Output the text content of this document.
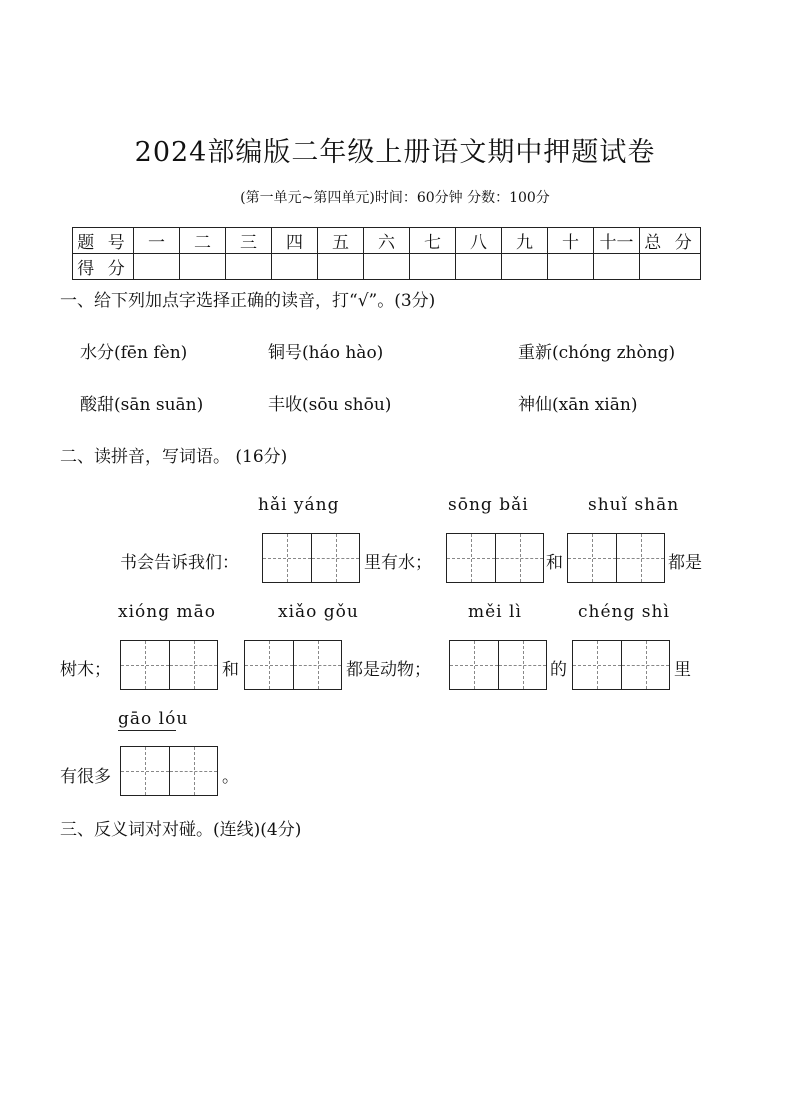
2024部编版二年级上册语文期中押题试卷
(第一单元~第四单元)时间：60分钟 分数：100分
题 号	一	二	三	四	五	六	七	八	九	十	十一	总 分
得 分												
一、给下列加点字选择正确的读音，打“√”。(3分)
水分(fēn fèn)	铜号(háo hào)	重新(chóng zhòng)
酸甜(sān suān)	丰收(sōu shōu)	神仙(xān xiān)
二、读拼音，写词语。 (16分)
hǎi yáng	sōng bǎi	shuǐ shān
书会告诉我们：	里有水；	和	都是
xióng māo	xiǎo gǒu	měi lì	chéng shì
树木；	和	都是动物；	的	里
gāo lóu
有很多	。
三、反义词对对碰。(连线)(4分)
